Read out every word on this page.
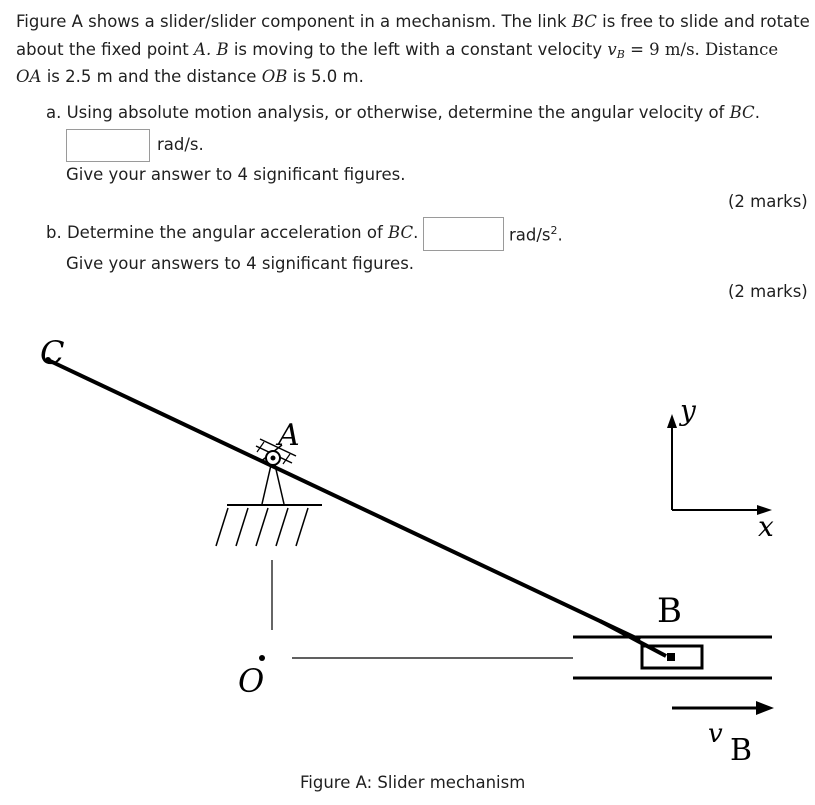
Figure A shows a slider/slider component in a mechanism. The link BC is free to slide and rotate
about the fixed point A. B is moving to the left with a constant velocity $v_B = 9$ m/s. Distance
OA is 2.5 m and the distance OB is 5.0 m.
a. Using absolute motion analysis, or otherwise, determine the angular velocity of BC.
rad/s.
Give your answer to 4 significant figures.
(2 marks)
b. Determine the angular acceleration of BC.	rad/$s^2$.
Give your answers to 4 significant figures.
(2 marks)
C
A
O
B
y
x
v B
Figure A: Slider mechanism
